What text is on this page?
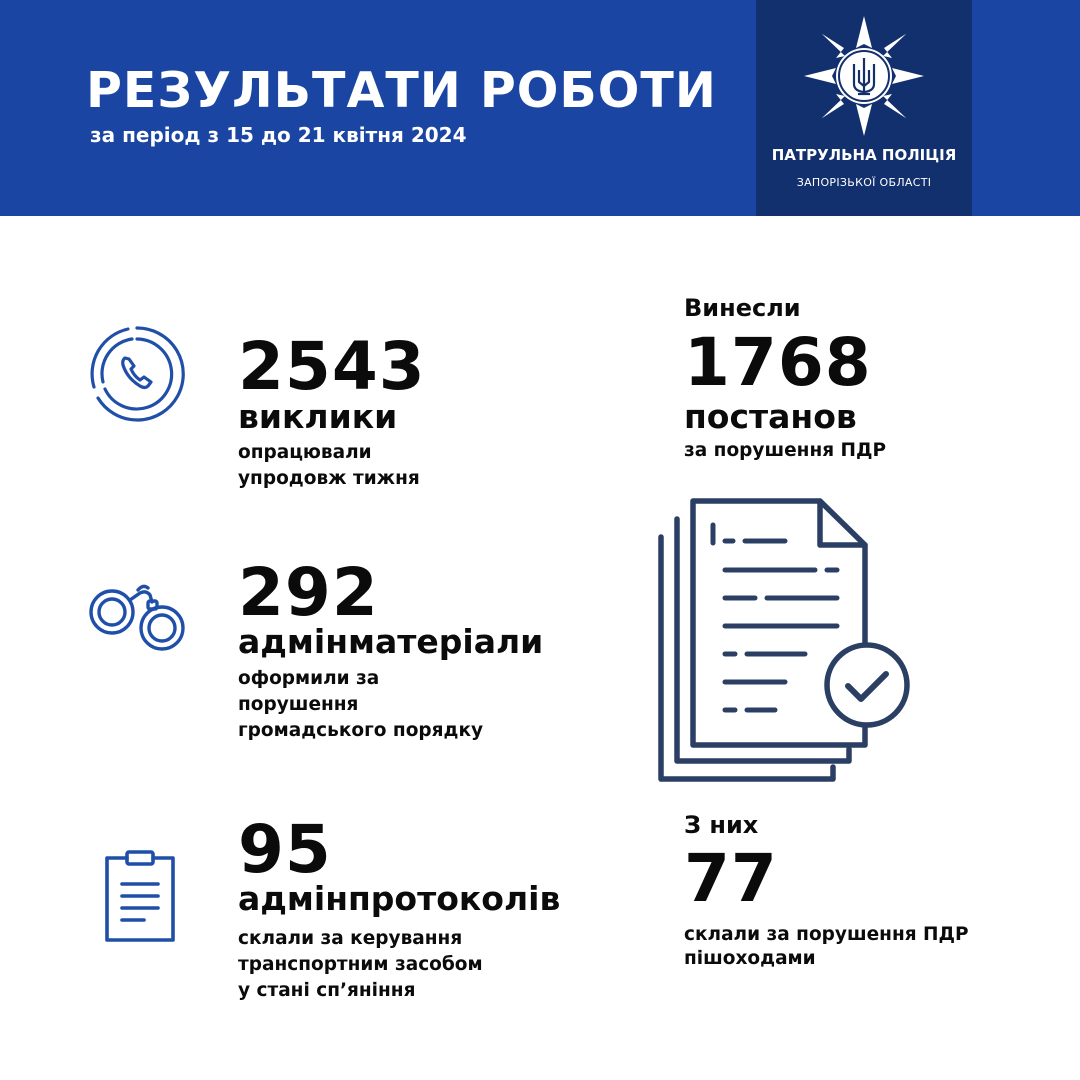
РЕЗУЛЬТАТИ РОБОТИ
за період з 15 до 21 квітня 2024
ПАТРУЛЬНА ПОЛІЦІЯ
ЗАПОРІЗЬКОЇ ОБЛАСТІ
2543
виклики
опрацювали
упродовж тижня
292
адмінматеріали
оформили за
порушення
громадського порядку
95
адмінпротоколів
склали за керування
транспортним засобом
у стані сп’яніння
Винесли
1768
постанов
за порушення ПДР
З них
77
склали за порушення ПДР
пішоходами
